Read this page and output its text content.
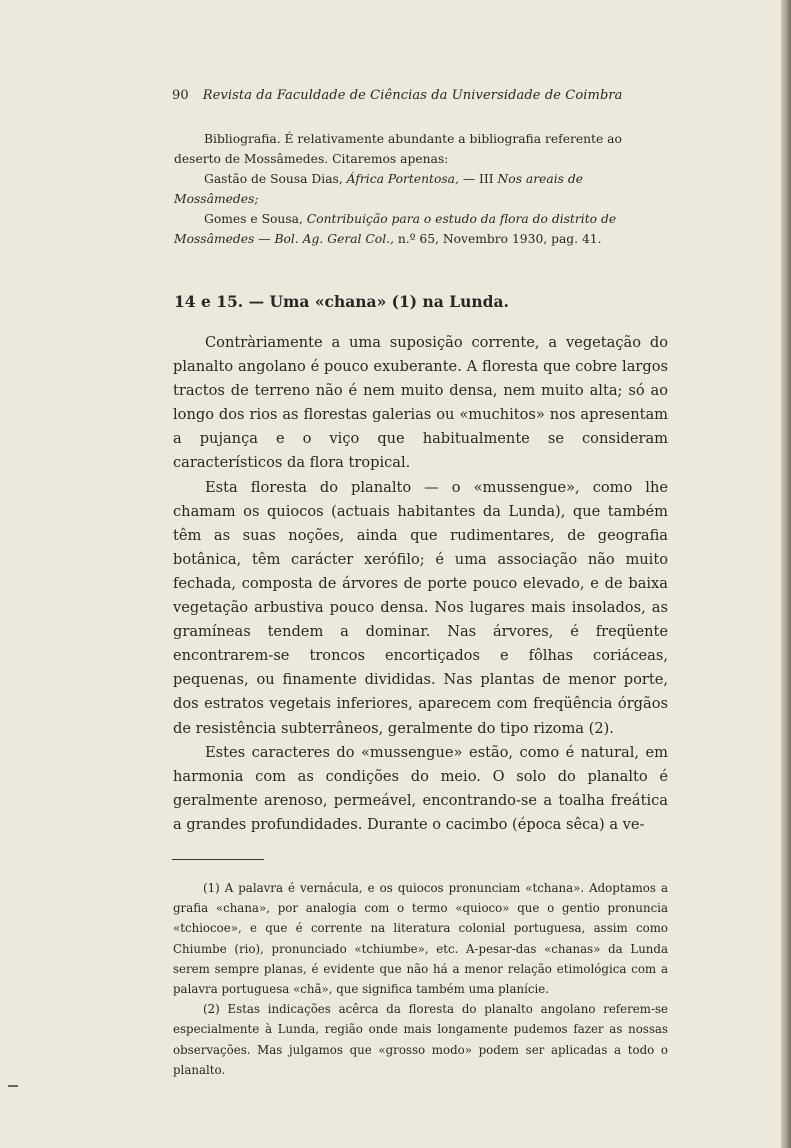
90 Revista da Faculdade de Ciências da Universidade de Coimbra

Bibliografia. É relativamente abundante a bibliografia referente ao deserto de Mossâmedes. Citaremos apenas:

Gastão de Sousa Dias, África Portentosa, — III Nos areais de Mossâmedes;

Gomes e Sousa, Contribuição para o estudo da flora do distrito de Mossâmedes — Bol. Ag. Geral Col., n.º 65, Novembro 1930, pag. 41.

14 e 15. — Uma «chana» (1) na Lunda.

Contràriamente a uma suposição corrente, a vegetação do planalto angolano é pouco exuberante. A floresta que cobre largos tractos de terreno não é nem muito densa, nem muito alta; só ao longo dos rios as florestas galerias ou «muchitos» nos apresentam a pujança e o viço que habitualmente se consideram característicos da flora tropical.

Esta floresta do planalto — o «mussengue», como lhe chamam os quiocos (actuais habitantes da Lunda), que também têm as suas noções, ainda que rudimentares, de geografia botânica, têm carácter xerófilo; é uma associação não muito fechada, composta de árvores de porte pouco elevado, e de baixa vegetação arbustiva pouco densa. Nos lugares mais insolados, as gramíneas tendem a dominar. Nas árvores, é freqüente encontrarem-se troncos encortiçados e fôlhas coriáceas, pequenas, ou finamente divididas. Nas plantas de menor porte, dos estratos vegetais inferiores, aparecem com freqüência órgãos de resistência subterrâneos, geralmente do tipo rizoma (2).

Estes caracteres do «mussengue» estão, como é natural, em harmonia com as condições do meio. O solo do planalto é geralmente arenoso, permeável, encontrando-se a toalha freática a grandes profundidades. Durante o cacimbo (época sêca) a ve-

(1) A palavra é vernácula, e os quiocos pronunciam «tchana». Adoptamos a grafia «chana», por analogia com o termo «quioco» que o gentio pronuncia «tchiocoe», e que é corrente na literatura colonial portuguesa, assim como Chiumbe (rio), pronunciado «tchiumbe», etc. A-pesar-das «chanas» da Lunda serem sempre planas, é evidente que não há a menor relação etimológica com a palavra portuguesa «chã», que significa também uma planície.

(2) Estas indicações acêrca da floresta do planalto angolano referem-se especialmente à Lunda, região onde mais longamente pudemos fazer as nossas observações. Mas julgamos que «grosso modo» podem ser aplicadas a todo o planalto.
